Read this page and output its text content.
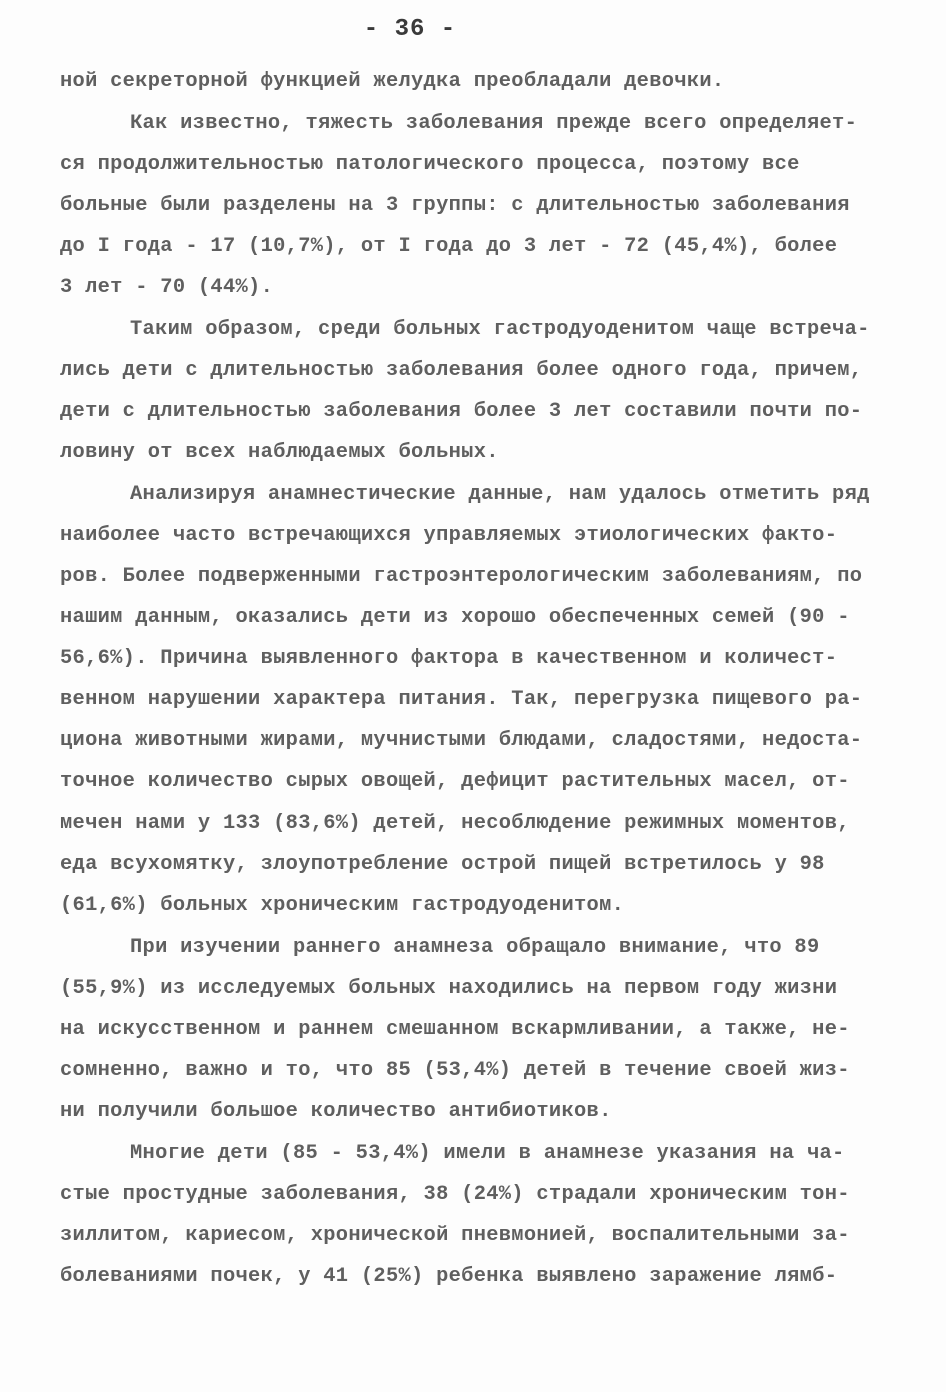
- 36 -
ной секреторной функцией желудка преобладали девочки.
Как известно, тяжесть заболевания прежде всего определяет-
ся продолжительностью патологического процесса, поэтому все
больные были разделены на 3 группы: с длительностью заболевания
до I года - 17 (10,7%), от I года до 3 лет - 72 (45,4%), более
3 лет - 70 (44%).
Таким образом, среди больных гастродуоденитом чаще встреча-
лись дети с длительностью заболевания более одного года, причем,
дети с длительностью заболевания более 3 лет составили почти по-
ловину от всех наблюдаемых больных.
Анализируя анамнестические данные, нам удалось отметить ряд
наиболее часто встречающихся управляемых этиологических факто-
ров. Более подверженными гастроэнтерологическим заболеваниям, по
нашим данным, оказались дети из хорошо обеспеченных семей (90 -
56,6%). Причина выявленного фактора в качественном и количест-
венном нарушении характера питания. Так, перегрузка пищевого ра-
циона животными жирами, мучнистыми блюдами, сладостями, недоста-
точное количество сырых овощей, дефицит растительных масел, от-
мечен нами у 133 (83,6%) детей, несоблюдение режимных моментов,
еда всухомятку, злоупотребление острой пищей встретилось у 98
(61,6%) больных хроническим гастродуоденитом.
При изучении раннего анамнеза обращало внимание, что 89
(55,9%) из исследуемых больных находились на первом году жизни
на искусственном и раннем смешанном вскармливании, а также, не-
сомненно, важно и то, что 85 (53,4%) детей в течение своей жиз-
ни получили большое количество антибиотиков.
Многие дети (85 - 53,4%) имели в анамнезе указания на ча-
стые простудные заболевания, 38 (24%) страдали хроническим тон-
зиллитом, кариесом, хронической пневмонией, воспалительными за-
болеваниями почек, у 41 (25%) ребенка выявлено заражение лямб-
